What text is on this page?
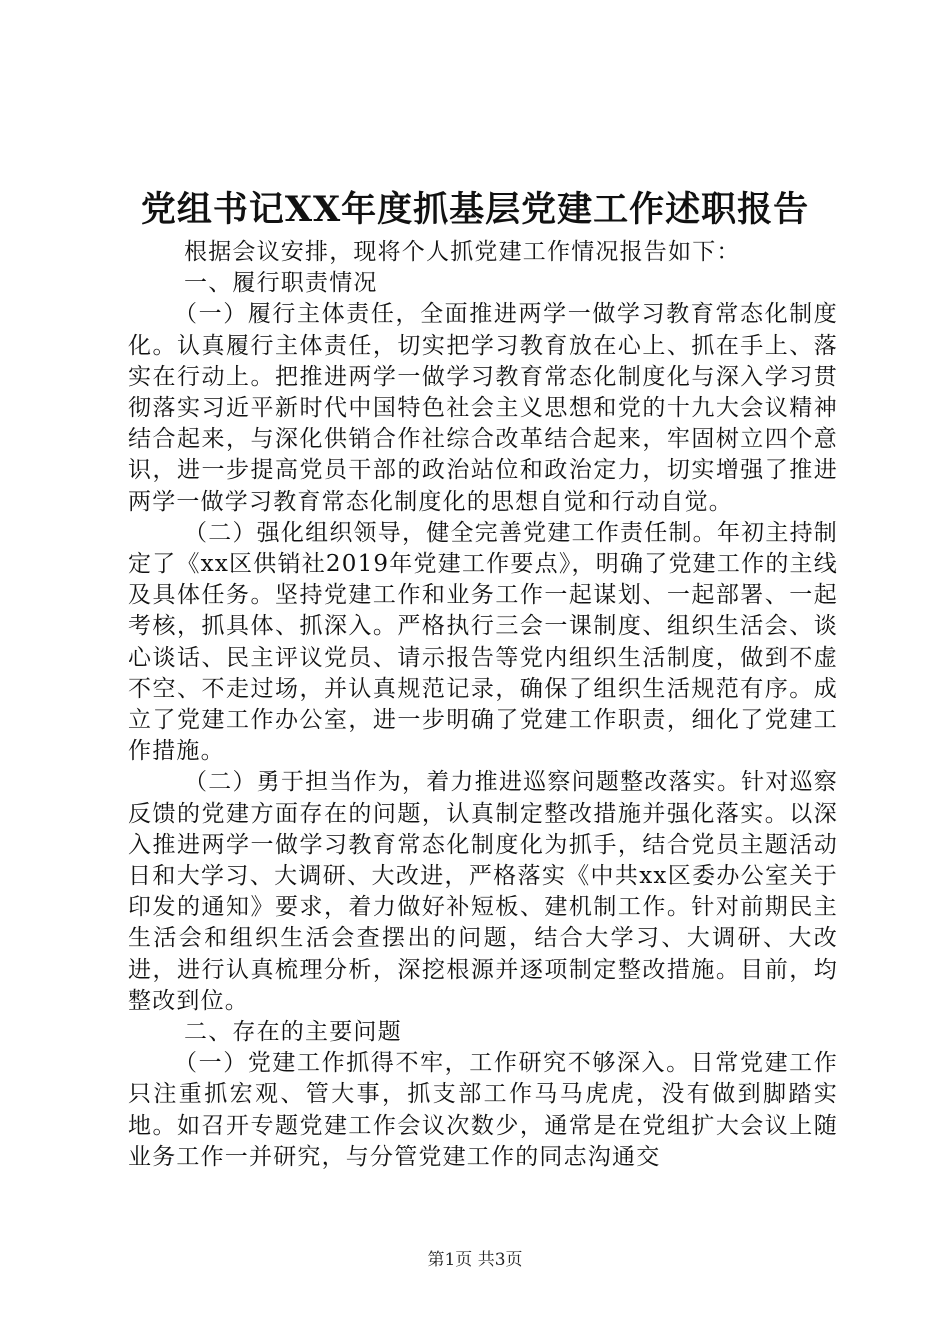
党组书记XX年度抓基层党建工作述职报告

根据会议安排，现将个人抓党建工作情况报告如下：

一、履行职责情况

（一）履行主体责任，全面推进两学一做学习教育常态化制度化。认真履行主体责任，切实把学习教育放在心上、抓在手上、落实在行动上。把推进两学一做学习教育常态化制度化与深入学习贯彻落实习近平新时代中国特色社会主义思想和党的十九大会议精神结合起来，与深化供销合作社综合改革结合起来，牢固树立四个意识，进一步提高党员干部的政治站位和政治定力，切实增强了推进两学一做学习教育常态化制度化的思想自觉和行动自觉。

（二）强化组织领导，健全完善党建工作责任制。年初主持制定了《xx区供销社2019年党建工作要点》，明确了党建工作的主线及具体任务。坚持党建工作和业务工作一起谋划、一起部署、一起考核，抓具体、抓深入。严格执行三会一课制度、组织生活会、谈心谈话、民主评议党员、请示报告等党内组织生活制度，做到不虚不空、不走过场，并认真规范记录，确保了组织生活规范有序。成立了党建工作办公室，进一步明确了党建工作职责，细化了党建工作措施。

（二）勇于担当作为，着力推进巡察问题整改落实。针对巡察反馈的党建方面存在的问题，认真制定整改措施并强化落实。以深入推进两学一做学习教育常态化制度化为抓手，结合党员主题活动日和大学习、大调研、大改进，严格落实《中共xx区委办公室关于印发的通知》要求，着力做好补短板、建机制工作。针对前期民主生活会和组织生活会查摆出的问题，结合大学习、大调研、大改进，进行认真梳理分析，深挖根源并逐项制定整改措施。目前，均整改到位。

二、存在的主要问题

（一）党建工作抓得不牢，工作研究不够深入。日常党建工作只注重抓宏观、管大事，抓支部工作马马虎虎，没有做到脚踏实地。如召开专题党建工作会议次数少，通常是在党组扩大会议上随业务工作一并研究，与分管党建工作的同志沟通交

第1页 共3页
